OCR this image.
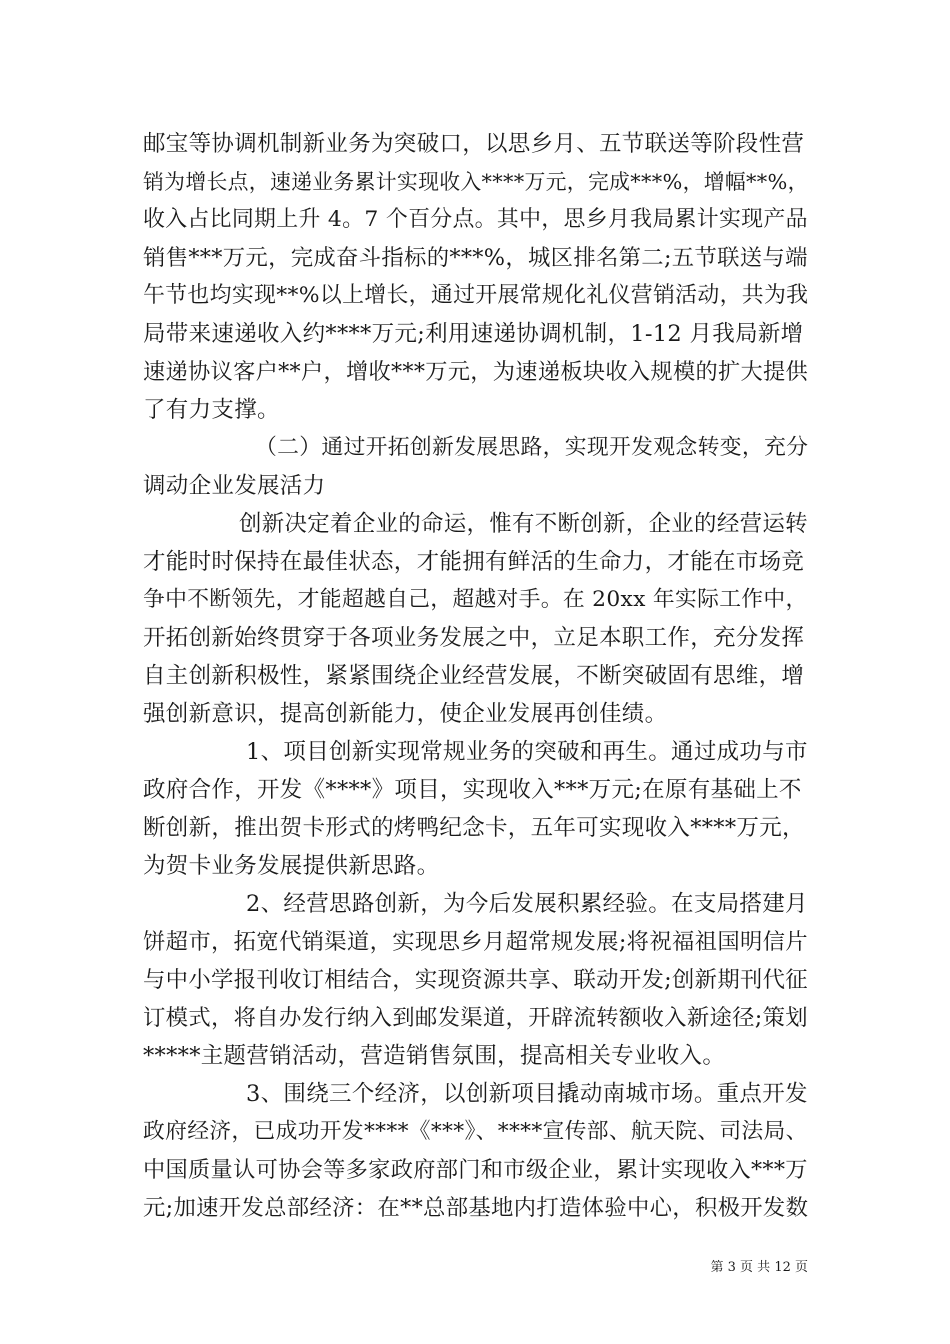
邮宝等协调机制新业务为突破口，以思乡月、五节联送等阶段性营
销为增长点，速递业务累计实现收入****万元，完成***%，增幅**%，
收入占比同期上升 4。7 个百分点。其中，思乡月我局累计实现产品
销售***万元，完成奋斗指标的***%，城区排名第二;五节联送与端
午节也均实现**%以上增长，通过开展常规化礼仪营销活动，共为我
局带来速递收入约****万元;利用速递协调机制，1-12 月我局新增
速递协议客户**户，增收***万元，为速递板块收入规模的扩大提供
了有力支撑。
（二）通过开拓创新发展思路，实现开发观念转变，充分
调动企业发展活力
创新决定着企业的命运，惟有不断创新，企业的经营运转
才能时时保持在最佳状态，才能拥有鲜活的生命力，才能在市场竞
争中不断领先，才能超越自己，超越对手。在 20xx 年实际工作中，
开拓创新始终贯穿于各项业务发展之中，立足本职工作，充分发挥
自主创新积极性，紧紧围绕企业经营发展，不断突破固有思维，增
强创新意识，提高创新能力，使企业发展再创佳绩。
1、项目创新实现常规业务的突破和再生。通过成功与市
政府合作，开发《****》项目，实现收入***万元;在原有基础上不
断创新，推出贺卡形式的烤鸭纪念卡，五年可实现收入****万元，
为贺卡业务发展提供新思路。
2、经营思路创新，为今后发展积累经验。在支局搭建月
饼超市，拓宽代销渠道，实现思乡月超常规发展;将祝福祖国明信片
与中小学报刊收订相结合，实现资源共享、联动开发;创新期刊代征
订模式，将自办发行纳入到邮发渠道，开辟流转额收入新途径;策划
*****主题营销活动，营造销售氛围，提高相关专业收入。
3、围绕三个经济，以创新项目撬动南城市场。重点开发
政府经济，已成功开发****《***》、****宣传部、航天院、司法局、
中国质量认可协会等多家政府部门和市级企业，累计实现收入***万
元;加速开发总部经济：在**总部基地内打造体验中心，积极开发数
第 3 页 共 12 页
